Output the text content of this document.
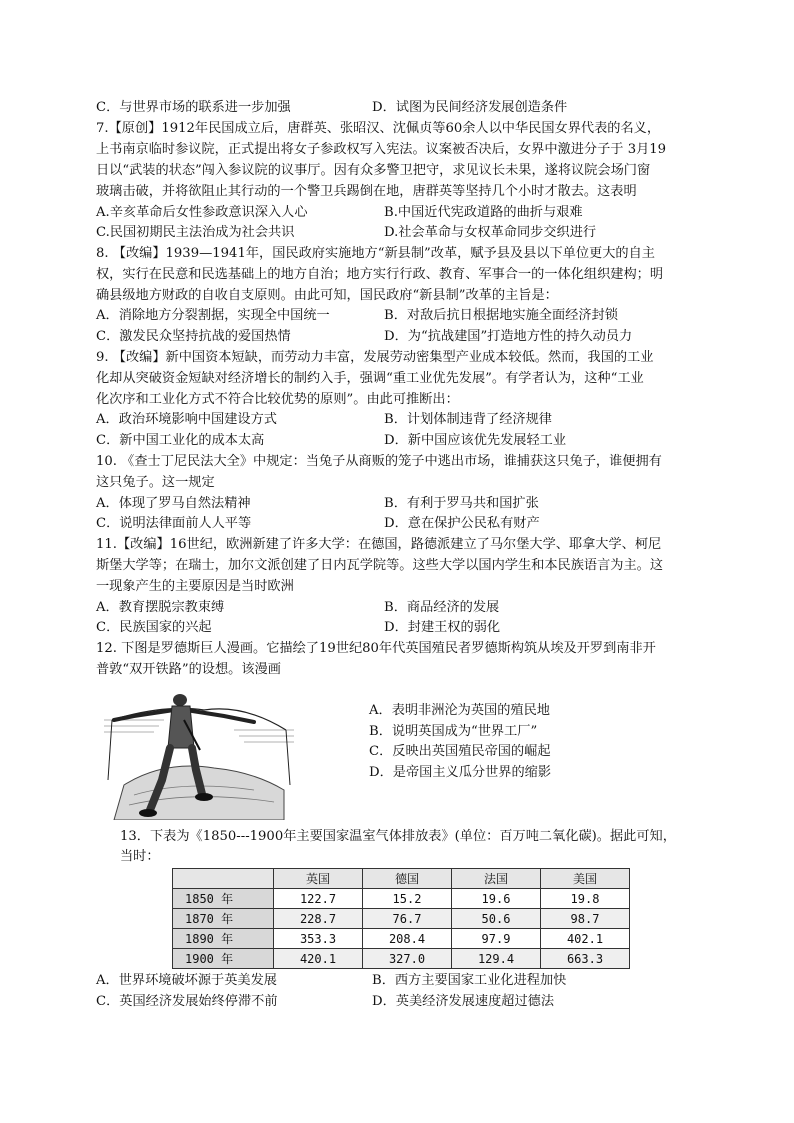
C．与世界市场的联系进一步加强	D．试图为民间经济发展创造条件
7.【原创】1912年民国成立后，唐群英、张昭汉、沈佩贞等60余人以中华民国女界代表的名义，
上书南京临时参议院，正式提出将女子参政权写入宪法。议案被否决后，女界中激进分子于 3月19
日以“武装的状态”闯入参议院的议事厅。因有众多警卫把守，求见议长未果，遂将议院会场门窗
玻璃击破，并将欲阻止其行动的一个警卫兵踢倒在地，唐群英等坚持几个小时才散去。这表明
A.辛亥革命后女性参政意识深入人心	B.中国近代宪政道路的曲折与艰难
C.民国初期民主法治成为社会共识	D.社会革命与女权革命同步交织进行
8. 【改编】1939—1941年，国民政府实施地方“新县制”改革，赋予县及县以下单位更大的自主
权，实行在民意和民选基础上的地方自治；地方实行行政、教育、军事合一的一体化组织建构；明
确县级地方财政的自收自支原则。由此可知，国民政府“新县制”改革的主旨是：
A．消除地方分裂割据，实现全中国统一	B．对敌后抗日根据地实施全面经济封锁
C．激发民众坚持抗战的爱国热情	D．为“抗战建国”打造地方性的持久动员力
9. 【改编】新中国资本短缺，而劳动力丰富，发展劳动密集型产业成本较低。然而，我国的工业
化却从突破资金短缺对经济增长的制约入手，强调“重工业优先发展”。有学者认为，这种“工业
化次序和工业化方式不符合比较优势的原则”。由此可推断出：
A．政治环境影响中国建设方式	B．计划体制违背了经济规律
C．新中国工业化的成本太高	D．新中国应该优先发展轻工业
10. 《查士丁尼民法大全》中规定：当兔子从商贩的笼子中逃出市场，谁捕获这只兔子，谁便拥有
这只兔子。这一规定
A．体现了罗马自然法精神	B．有利于罗马共和国扩张
C．说明法律面前人人平等	D．意在保护公民私有财产
11.【改编】16世纪，欧洲新建了许多大学：在德国，路德派建立了马尔堡大学、耶拿大学、柯尼
斯堡大学等；在瑞士，加尔文派创建了日内瓦学院等。这些大学以国内学生和本民族语言为主。这
一现象产生的主要原因是当时欧洲
A．教育摆脱宗教束缚	B．商品经济的发展
C．民族国家的兴起	D．封建王权的弱化
12. 下图是罗德斯巨人漫画。它描绘了19世纪80年代英国殖民者罗德斯构筑从埃及开罗到南非开
普敦“双开铁路”的设想。该漫画
A．表明非洲沦为英国的殖民地
B．说明英国成为“世界工厂”
C．反映出英国殖民帝国的崛起
D．是帝国主义瓜分世界的缩影
13．下表为《1850---1900年主要国家温室气体排放表》(单位：百万吨二氧化碳)。据此可知，
当时：
	英国	德国	法国	美国
1850 年	122.7	15.2	19.6	19.8
1870 年	228.7	76.7	50.6	98.7
1890 年	353.3	208.4	97.9	402.1
1900 年	420.1	327.0	129.4	663.3
A．世界环境破坏源于英美发展	B．西方主要国家工业化进程加快
C．英国经济发展始终停滞不前	D．英美经济发展速度超过德法
